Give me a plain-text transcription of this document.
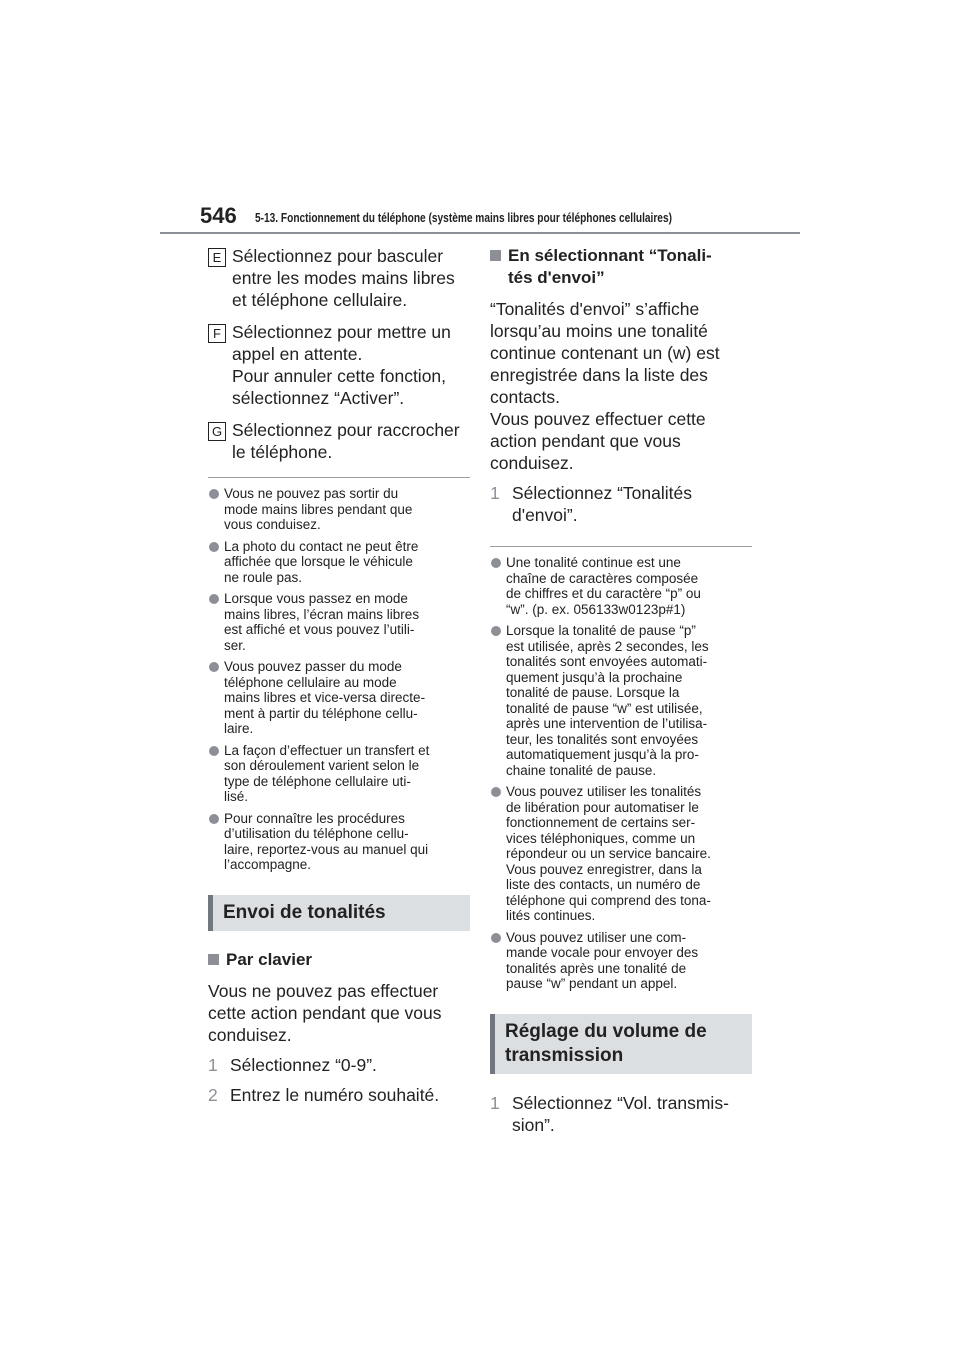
546 5-13. Fonctionnement du téléphone (système mains libres pour téléphones cellulaires)
E Sélectionnez pour basculer
entre les modes mains libres
et téléphone cellulaire.
F Sélectionnez pour mettre un
appel en attente.
Pour annuler cette fonction,
sélectionnez “Activer”.
G Sélectionnez pour raccrocher
le téléphone.
Vous ne pouvez pas sortir du
mode mains libres pendant que
vous conduisez.
La photo du contact ne peut être
affichée que lorsque le véhicule
ne roule pas.
Lorsque vous passez en mode
mains libres, l’écran mains libres
est affiché et vous pouvez l’utili-
ser.
Vous pouvez passer du mode
téléphone cellulaire au mode
mains libres et vice-versa directe-
ment à partir du téléphone cellu-
laire.
La façon d’effectuer un transfert et
son déroulement varient selon le
type de téléphone cellulaire uti-
lisé.
Pour connaître les procédures
d’utilisation du téléphone cellu-
laire, reportez-vous au manuel qui
l’accompagne.
Envoi de tonalités
Par clavier
Vous ne pouvez pas effectuer
cette action pendant que vous
conduisez.
1 Sélectionnez “0-9”.
2 Entrez le numéro souhaité.
En sélectionnant “Tonali-
tés d'envoi”
“Tonalités d'envoi” s’affiche
lorsqu’au moins une tonalité
continue contenant un (w) est
enregistrée dans la liste des
contacts.
Vous pouvez effectuer cette
action pendant que vous
conduisez.
1 Sélectionnez “Tonalités
d'envoi”.
Une tonalité continue est une
chaîne de caractères composée
de chiffres et du caractère “p” ou
“w”. (p. ex. 056133w0123p#1)
Lorsque la tonalité de pause “p”
est utilisée, après 2 secondes, les
tonalités sont envoyées automati-
quement jusqu’à la prochaine
tonalité de pause. Lorsque la
tonalité de pause “w” est utilisée,
après une intervention de l’utilisa-
teur, les tonalités sont envoyées
automatiquement jusqu’à la pro-
chaine tonalité de pause.
Vous pouvez utiliser les tonalités
de libération pour automatiser le
fonctionnement de certains ser-
vices téléphoniques, comme un
répondeur ou un service bancaire.
Vous pouvez enregistrer, dans la
liste des contacts, un numéro de
téléphone qui comprend des tona-
lités continues.
Vous pouvez utiliser une com-
mande vocale pour envoyer des
tonalités après une tonalité de
pause “w” pendant un appel.
Réglage du volume de
transmission
1 Sélectionnez “Vol. transmis-
sion”.
